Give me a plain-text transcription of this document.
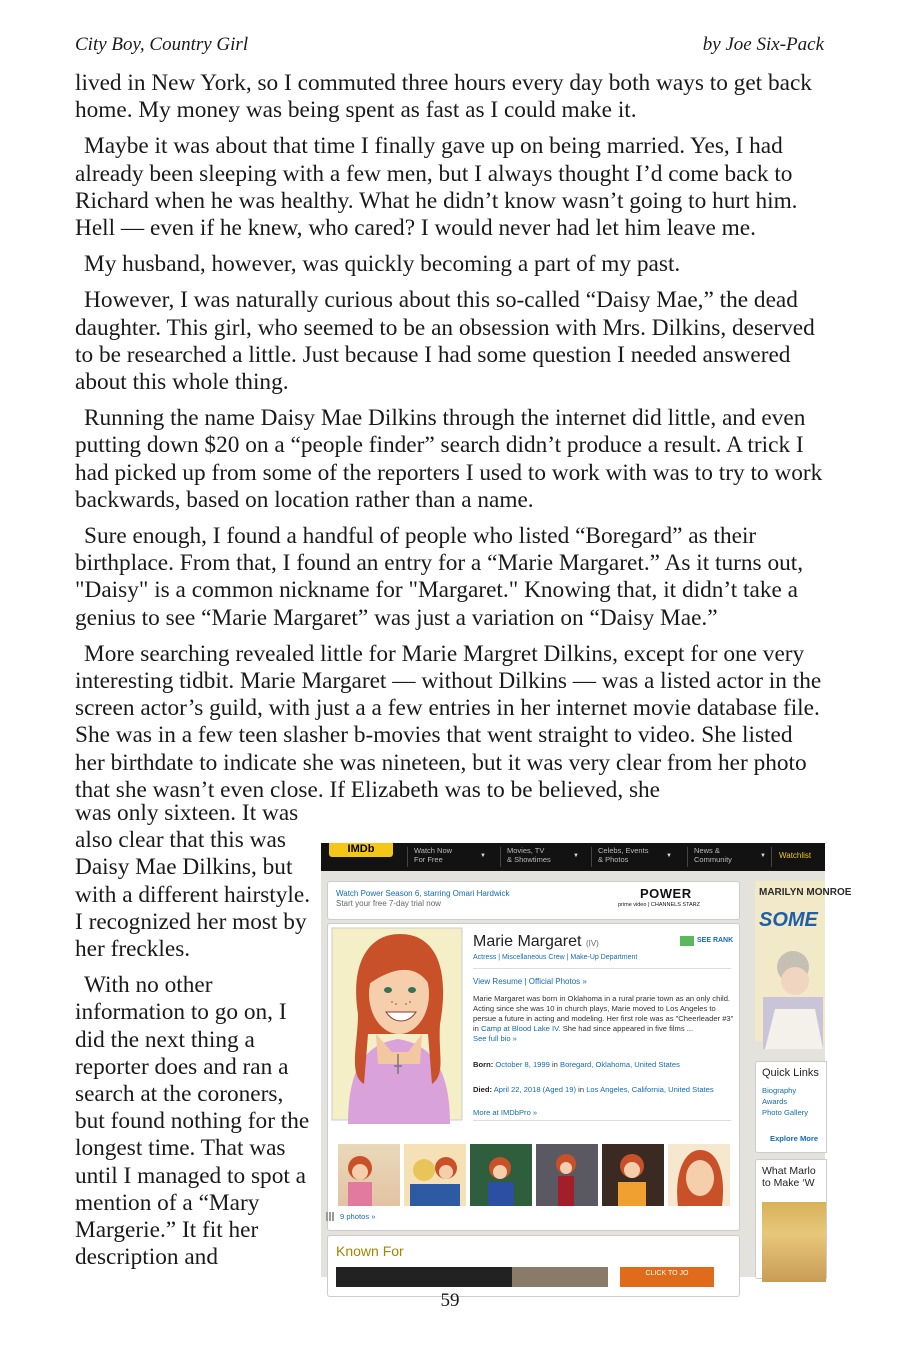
City Boy, Country Girl	by Joe Six-Pack

lived in New York, so I commuted three hours every day both ways to get back home. My money was being spent as fast as I could make it.

Maybe it was about that time I finally gave up on being married. Yes, I had already been sleeping with a few men, but I always thought I’d come back to Richard when he was healthy. What he didn’t know wasn’t going to hurt him. Hell — even if he knew, who cared? I would never had let him leave me.

My husband, however, was quickly becoming a part of my past.

However, I was naturally curious about this so-called “Daisy Mae,” the dead daughter. This girl, who seemed to be an obsession with Mrs. Dilkins, deserved to be researched a little. Just because I had some question I needed answered about this whole thing.

Running the name Daisy Mae Dilkins through the internet did little, and even putting down $20 on a “people finder” search didn’t produce a result. A trick I had picked up from some of the reporters I used to work with was to try to work backwards, based on location rather than a name.

Sure enough, I found a handful of people who listed “Boregard” as their birthplace. From that, I found an entry for a “Marie Margaret.” As it turns out, "Daisy" is a common nickname for "Margaret." Knowing that, it didn’t take a genius to see “Marie Margaret” was just a variation on “Daisy Mae.”

More searching revealed little for Marie Margret Dilkins, except for one very interesting tidbit. Marie Margaret — without Dilkins — was a listed actor in the screen actor’s guild, with just a a few entries in her internet movie database file. She was in a few teen slasher b-movies that went straight to video. She listed her birthdate to indicate she was nineteen, but it was very clear from her photo that she wasn’t even close. If Elizabeth was to be believed, she

was only sixteen. It was also clear that this was Daisy Mae Dilkins, but with a different hairstyle. I recognized her most by her freckles.

With no other information to go on, I did the next thing a reporter does and ran a search at the coroners, but found nothing for the longest time. That was until I managed to spot a mention of a “Mary Margerie.” It fit her description and

IMDb	Watch Now
For Free	▼
Movies, TV
& Showtimes	▼
Celebs, Events
& Photos	▼
News &
Community	▼ Watchlist
Watch Power Season 6, starring Omari Hardwick
Start your free 7-day trial now
POWER
prime video | CHANNELS STARZ
Marie Margaret (IV)	SEE RANK
Actress | Miscellaneous Crew | Make-Up Department
View Resume | Official Photos »
Marie Margaret was born in Oklahoma in a rural prarie town as an only child. Acting since she was 10 in church plays, Marie moved to Los Angeles to persue a future in acting and modeling. Her first role was as "Cheerleader #3" in Camp at Blood Lake IV. She had since appeared in five films ...
See full bio »
Born: October 8, 1999 in Boregard, Oklahoma, United States
Died: April 22, 2018 (Aged 19) in Los Angeles, California, United States
More at IMDbPro »
9 photos »
Known For
CLICK TO JO
MARILYN MONROE
SOME
Quick Links
Biography
Awards
Photo Gallery
Explore More
What Marlo
to Make ‘W
59
